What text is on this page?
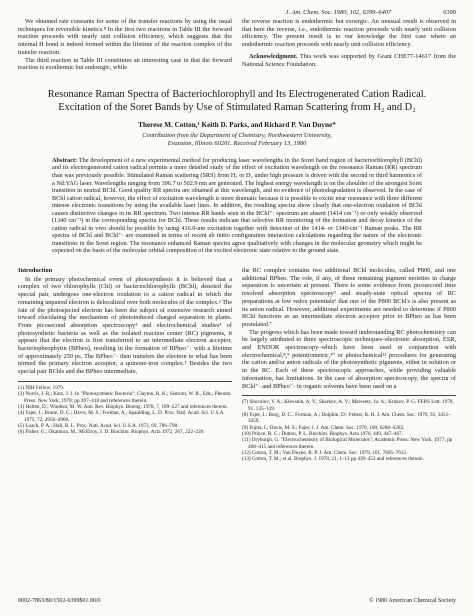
J. Am. Chem. Soc. 1980, 102, 6399–6407	6399

We obtained rate constants for some of the transfer reactions by using the usual techniques for reversible kinetics.⁸ In the first two reactions in Table III the forward reaction proceeds with nearly unit collision efficiency, which suggests that the internal H bond is indeed formed within the lifetime of the reaction complex of the transfer reaction.

The third reaction in Table III constitutes an interesting case in that the forward reaction is exothermic but endoergic, while

the reverse reaction is endothermic but exoergic. An unusual result is observed in that here the reverse, i.e., endothermic reaction proceeds with nearly unit collision efficiency. The present result is to our knowledge the first case where an endothermic reaction proceeds with nearly unit collision efficiency.

Acknowledgment. This work was supported by Grant CHE77-14617 from the National Science Foundation.

Resonance Raman Spectra of Bacteriochlorophyll and Its Electrogenerated Cation Radical. Excitation of the Soret Bands by Use of Stimulated Raman Scattering from H₂ and D₂
Therese M. Cotton,¹ Keith D. Parks, and Richard P. Van Duyne*
Contribution from the Department of Chemistry, Northwestern University,
Evanston, Illinois 60201. Received February 13, 1980
Abstract: The development of a new experimental method for producing laser wavelengths in the Soret band region of bacteriochlorophyll (BChl) and its electrogenerated cation radical permits a more detailed study of the effect of excitation wavelength on the resonance Raman (RR) spectrum than was previously possible. Stimulated Raman scattering (SRS) from H₂ or D₂ under high pressure is driven with the second or third harmonics of a Nd:YAG laser. Wavelengths ranging from 396.7 to 502.9 nm are generated. The highest energy wavelength is on the shoulder of the strongest Soret transition in neutral BChl. Good quality RR spectra are obtained at this wavelength, and no evidence of photodegradation is observed. In the case of BChl cation radical, however, the effect of excitation wavelength is more dramatic because it is possible to excite near resonance with three different intense electronic transitions by using the available laser lines. In addition, the resulting spectra show clearly that one-electron oxidation of BChl causes distinctive changes in its RR spectrum. Two intense RR bands seen in the BChl⁺· spectrum are absent (1414 cm⁻¹) or only weakly observed (1340 cm⁻¹) in the corresponding spectra for BChl. These results indicate that selective RR monitoring of the formation and decay kinetics of the cation radical in vivo should be possible by using 416.0-nm excitation together with detection of the 1414- or 1340-cm⁻¹ Raman peaks. The RR spectra of BChl and BChl⁺· are examined in terms of recent ab initio configuration interaction calculations regarding the nature of the electronic transitions in the Soret region. The resonance enhanced Raman spectra agree qualitatively with changes in the molecular geometry which might be expected on the basis of the molecular orbital composition of the excited electronic state relative to the ground state.

Introduction

In the primary photochemical event of photosynthesis it is believed that a complex of two chlorophylls (Chl) or bacteriochlorophylls (BChl), denoted the special pair, undergoes one-electron oxidation to a cation radical in which the remaining unpaired electron is delocalized over both molecules of the complex.² The fate of the photoejected electron has been the subject of extensive research aimed toward elucidating the mechanism of photoinduced charged separation in plants. From picosecond absorption spectroscopy³ and electrochemical studies⁴ of photosynthetic bacteria as well as the isolated reaction center (RC) pigments, it appears that the electron is first transferred to an intermediate electron acceptor, bacteriopheophytin (BPheo), resulting in the formation of BPheo⁻· with a lifetime of approximately 250 ps. The BPheo⁻· then transfers the electron to what has been termed the primary electron acceptor, a quinone-iron complex.⁵ Besides the two special pair BChls and the BPheo intermediate,

(1) NIH Fellow, 1979.
(2) Norris, J. R.; Katz, J. J. In "Photosynthetic Bacteria"; Clayton, R. K.; Sistrom, W. R., Eds.; Plenum Press: New York, 1978; pp 397–418 and references therein.
(3) Holten, D.; Windsor, M. W. Ann. Rev. Biophys. Bioeng. 1978, 7, 189–227 and references therein.
(4) Fajer, J.; Brune, D. C.; Davis, M. S.; Forman, A.; Spaulding, L. D. Proc. Natl. Acad. Sci. U.S.A. 1975, 72, 4956–4960.
(5) Loach, P. A.; Hall, R. L. Proc. Natl. Acad. Sci. U.S.A. 1972, 69, 786–790.
(6) Fisher, G.; Okamura, M.; McElroy, J. D. Biochim. Biophys. Acta 1972, 267, 222–226.

the RC complex contains two additional BChl molecules, called P800, and one additional BPheo. The role, if any, of these remaining pigment moieties in charge separation is uncertain at present. There is some evidence from picosecond time resolved absorption spectroscopy³ and steady-state optical spectra of RC preparations at low redox potentials⁶ that one of the P800 BChl's is also present as its anion radical. However, additional experiments are needed to determine if P800 BChl functions as an intermediate electron acceptor prior to BPheo as has been postulated.⁷

The progress which has been made toward understanding RC photochemistry can be largely attributed to three spectroscopic techniques–electronic absorption, ESR, and ENDOR spectroscopy–which have been used in conjunction with electrochemical,⁸,⁹ potentiometric,¹⁰ or photochemical¹¹ procedures for generating the cation and/or anion radicals of the photosynthetic pigments, either in solution or in the RC. Each of these spectroscopic approaches, while providing valuable information, has limitations. In the case of absorption spectroscopy, the spectra of BChl⁺· and BPheo⁻· in organic solvents have been used on a

(7) Shuvalov, V. A.; Klevanik, A. V.; Sharkov, A. V.; Matveetz, Ju. A.; Krukov, P. G. FEBS Lett. 1978, 91, 135–139.
(8) Fajer, J.; Borg, D. C.; Forman, A.; Dolphin, D.; Felton, R. H. J. Am. Chem. Soc. 1970, 92, 3451–3459.
(9) Fujita, I.; Davis, M. S.; Fajer, J. J. Am. Chem. Soc. 1978, 100, 6280–6282.
(10) Prince, R. C.; Dutton, P. L. Biochim. Biophys. Acta 1976, 449, 447–467.
(11) Dryburgh, G. "Electrochemistry of Biological Molecules"; Academic Press: New York, 1977; pp 408–415 and references therein.
(12) Cotton, T. M.; Van Duyne, R. P. J. Am. Chem. Soc. 1979, 101, 7605–7612.
(13) Cotton, T. M.; et al. Biophys. J. 1978, 21, 1–12 pp 439–453 and references therein.
0002-7863/80/1502-6399$01.00/0	© 1980 American Chemical Society
